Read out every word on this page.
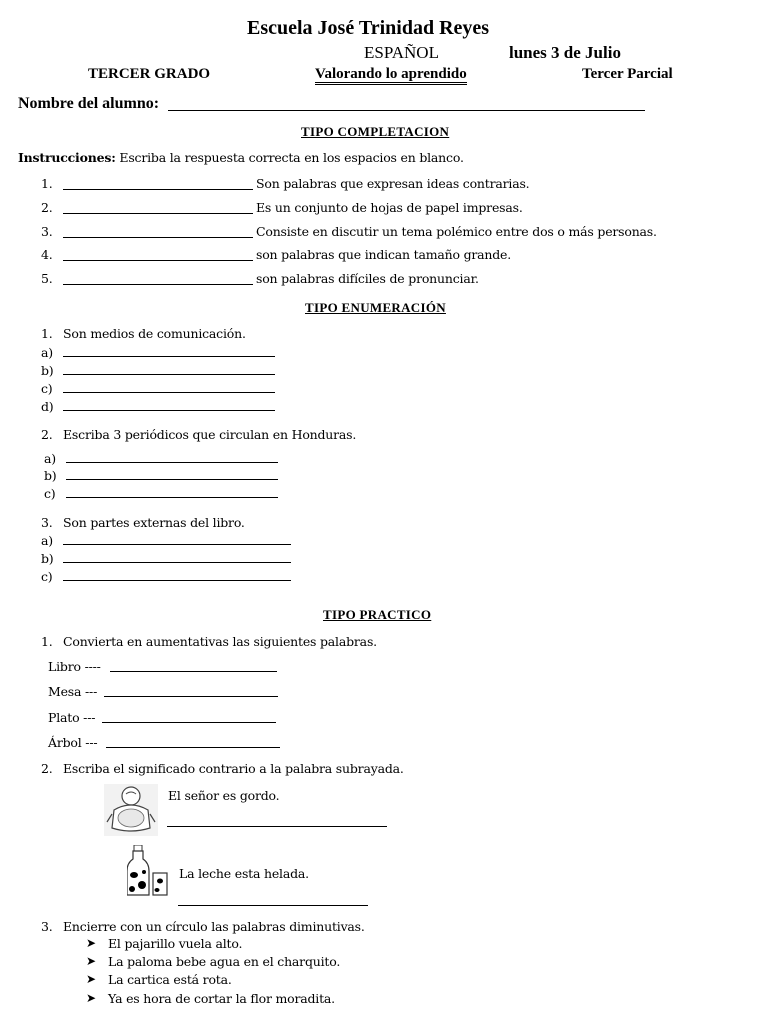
Escuela José Trinidad Reyes
ESPAÑOL	lunes 3 de Julio
TERCER GRADO	Valorando lo aprendido	Tercer Parcial
Nombre del alumno:
TIPO COMPLETACION
Instrucciones: Escriba la respuesta correcta en los espacios en blanco.
1.	Son palabras que expresan ideas contrarias.
2.	Es un conjunto de hojas de papel impresas.
3.	Consiste en discutir un tema polémico entre dos o más personas.
4.	son palabras que indican tamaño grande.
5.	son palabras difíciles de pronunciar.
TIPO ENUMERACIÓN
1. Son medios de comunicación.
a)
b)
c)
d)
2. Escriba 3 periódicos que circulan en Honduras.
a)
b)
c)
3. Son partes externas del libro.
a)
b)
c)
TIPO PRACTICO
1. Convierta en aumentativas las siguientes palabras.
Libro ----
Mesa ---
Plato ---
Árbol ---
2. Escriba el significado contrario a la palabra subrayada.
El señor es gordo.
La leche esta helada.
3. Encierre con un círculo las palabras diminutivas.
➤ El pajarillo vuela alto.
➤ La paloma bebe agua en el charquito.
➤ La cartica está rota.
➤ Ya es hora de cortar la flor moradita.
